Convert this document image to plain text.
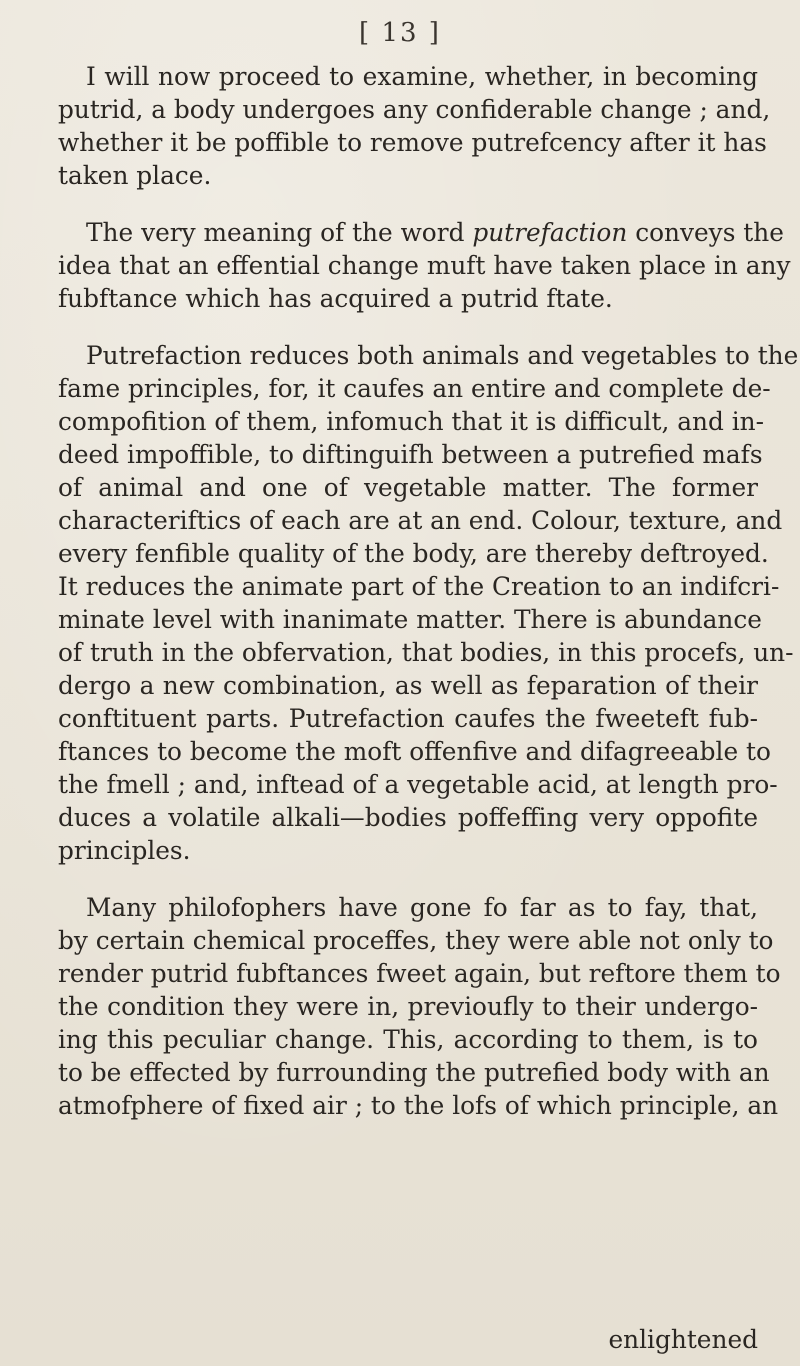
[ 13 ]

I will now proceed to examine, whether, in becoming
putrid, a body undergoes any confiderable change ; and,
whether it be poffible to remove putrefcency after it has
taken place.

The very meaning of the word putrefaction conveys the
idea that an effential change muft have taken place in any
fubftance which has acquired a putrid ftate.

Putrefaction reduces both animals and vegetables to the
fame principles, for, it caufes an entire and complete de-
compofition of them, infomuch that it is difficult, and in-
deed impoffible, to diftinguifh between a putrefied mafs
of animal and one of vegetable matter. The former
characteriftics of each are at an end. Colour, texture, and
every fenfible quality of the body, are thereby deftroyed.
It reduces the animate part of the Creation to an indifcri-
minate level with inanimate matter. There is abundance
of truth in the obfervation, that bodies, in this procefs, un-
dergo a new combination, as well as feparation of their
conftituent parts. Putrefaction caufes the fweeteft fub-
ftances to become the moft offenfive and difagreeable to
the fmell ; and, inftead of a vegetable acid, at length pro-
duces a volatile alkali—bodies poffeffing very oppofite
principles.

Many philofophers have gone fo far as to fay, that,
by certain chemical proceffes, they were able not only to
render putrid fubftances fweet again, but reftore them to
the condition they were in, previoufly to their undergo-
ing this peculiar change. This, according to them, is to
to be effected by furrounding the putrefied body with an
atmofphere of fixed air ; to the lofs of which principle, an

enlightened
